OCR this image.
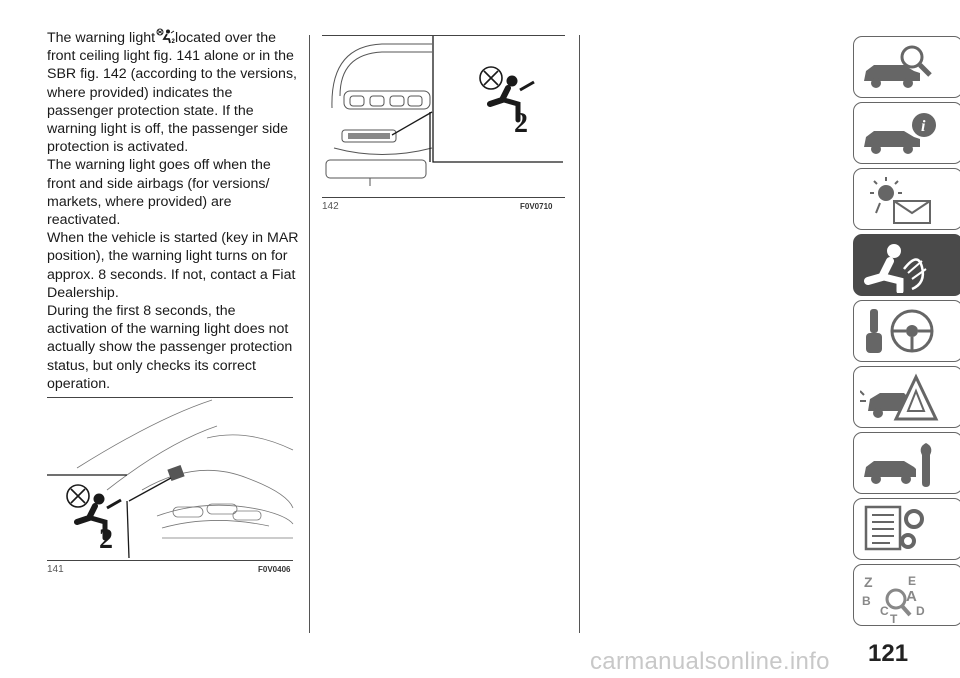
The warning light	2 located over the front ceiling light fig. 141 alone or in the SBR fig. 142 (according to the versions, where provided) indicates the passenger protection state. If the warning light is off, the passenger side protection is activated.

The warning light goes off when the front and side airbags (for versions/ markets, where provided) are reactivated.

When the vehicle is started (key in MAR position), the warning light turns on for approx. 8 seconds. If not, contact a Fiat Dealership.

During the first 8 seconds, the activation of the warning light does not actually show the passenger protection status, but only checks its correct operation.

2
141	F0V0406
2
142	F0V0710
i
Z	E
A
B
C D
T
121
carmanualsonline.info
